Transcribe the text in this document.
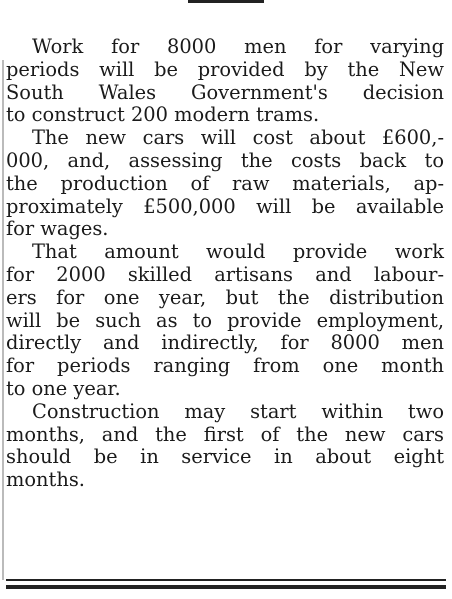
Work for 8000 men for varying
periods will be provided by the New
South Wales Government's decision
to construct 200 modern trams.
The new cars will cost about £600,-
000, and, assessing the costs back to
the production of raw materials, ap-
proximately £500,000 will be available
for wages.
That amount would provide work
for 2000 skilled artisans and labour-
ers for one year, but the distribution
will be such as to provide employment,
directly and indirectly, for 8000 men
for periods ranging from one month
to one year.
Construction may start within two
months, and the first of the new cars
should be in service in about eight
months.
